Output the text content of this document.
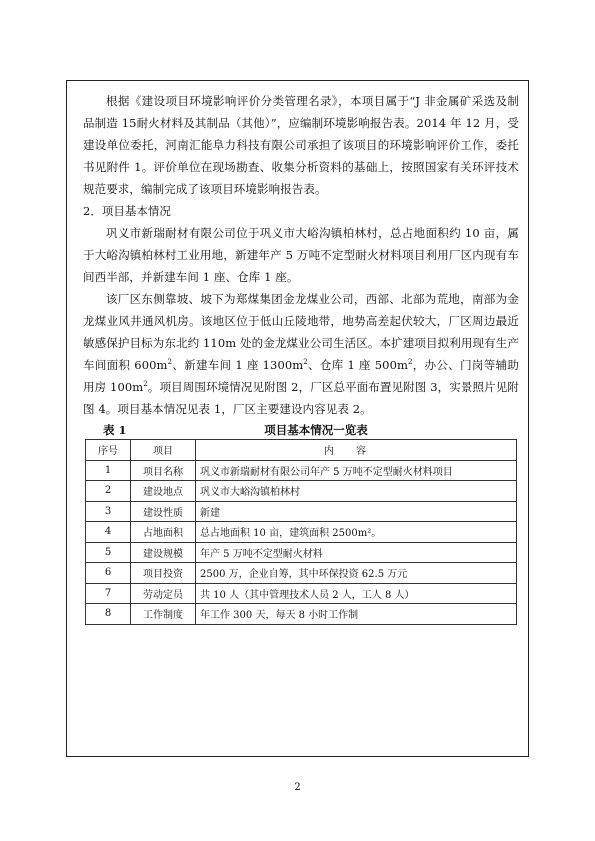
根据《建设项目环境影响评价分类管理名录》，本项目属于“J 非金属矿采选及制品制造 15耐火材料及其制品（其他）”，应编制环境影响报告表。2014 年 12 月，受建设单位委托，河南汇能阜力科技有限公司承担了该项目的环境影响评价工作，委托书见附件 1。评价单位在现场勘查、收集分析资料的基础上，按照国家有关环评技术规范要求，编制完成了该项目环境影响报告表。

2．项目基本情况

巩义市新瑞耐材有限公司位于巩义市大峪沟镇柏林村，总占地面积约 10 亩，属于大峪沟镇柏林村工业用地，新建年产 5 万吨不定型耐火材料项目利用厂区内现有车间西半部，并新建车间 1 座、仓库 1 座。

该厂区东侧靠坡、坡下为郑煤集团金龙煤业公司，西部、北部为荒地，南部为金龙煤业风井通风机房。该地区位于低山丘陵地带，地势高差起伏较大，厂区周边最近敏感保护目标为东北约 110m 处的金龙煤业公司生活区。本扩建项目拟利用现有生产车间面积 $600m^2$、新建车间 1 座 $1300m^2$、仓库 1 座 $500m^2$，办公、门岗等辅助用房 $100m^2$。项目周围环境情况见附图 2，厂区总平面布置见附图 3，实景照片见附图 4。项目基本情况见表 1，厂区主要建设内容见表 2。

表 1	项目基本情况一览表
序号	项目	内容
1	项目名称	巩义市新瑞耐材有限公司年产 5 万吨不定型耐火材料项目
2	建设地点	巩义市大峪沟镇柏林村
3	建设性质	新建
4	占地面积	总占地面积 10 亩，建筑面积 2500m²。
5	建设规模	年产 5 万吨不定型耐火材料
6	项目投资	2500 万，企业自筹，其中环保投资 62.5 万元
7	劳动定员	共 10 人（其中管理技术人员 2 人，工人 8 人）
8	工作制度	年工作 300 天，每天 8 小时工作制
2
